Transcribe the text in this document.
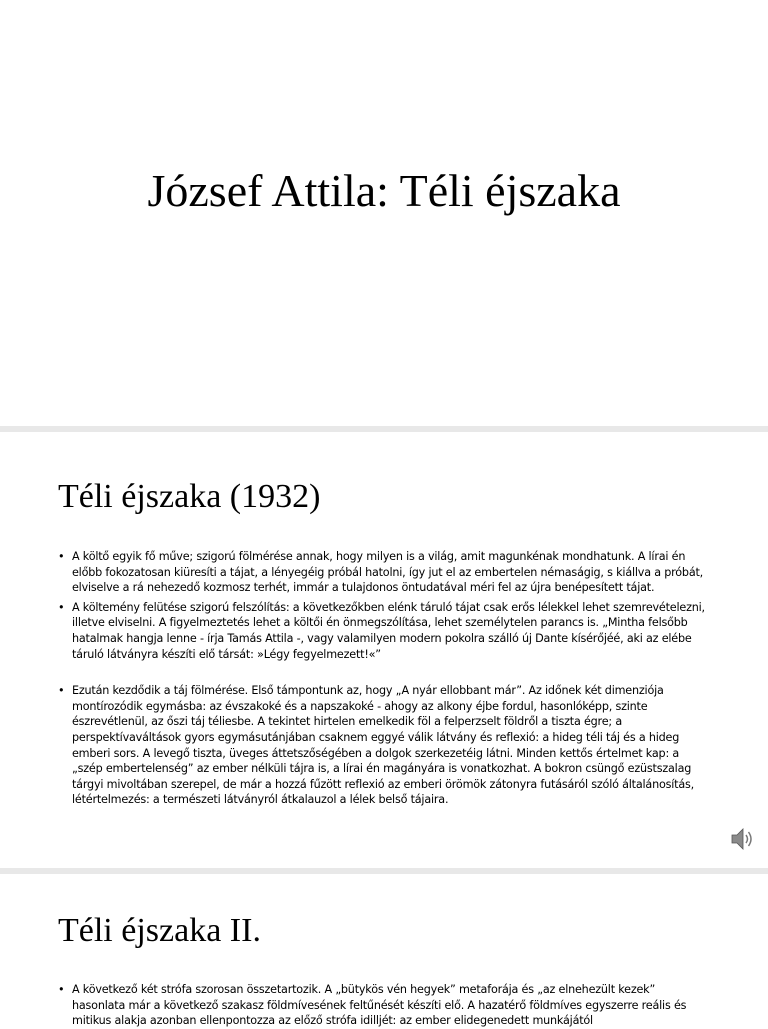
József Attila: Téli éjszaka
Téli éjszaka (1932)
• A költő egyik fő műve; szigorú fölmérése annak, hogy milyen is a világ, amit magunkénak mondhatunk. A lírai én előbb fokozatosan kiüresíti a tájat, a lényegéig próbál hatolni, így jut el az embertelen némaságig, s kiállva a próbát, elviselve a rá nehezedő kozmosz terhét, immár a tulajdonos öntudatával méri fel az újra benépesített tájat.
• A költemény felütése szigorú felszólítás: a következőkben elénk táruló tájat csak erős lélekkel lehet szemrevételezni, illetve elviselni. A figyelmeztetés lehet a költői én önmegszólítása, lehet személytelen parancs is. „Mintha felsőbb hatalmak hangja lenne - írja Tamás Attila -, vagy valamilyen modern pokolra szálló új Dante kísérőjéé, aki az elébe táruló látványra készíti elő társát: »Légy fegyelmezett!«”
• Ezután kezdődik a táj fölmérése. Első támpontunk az, hogy „A nyár ellobbant már”. Az időnek két dimenziója montírozódik egymásba: az évszakoké és a napszakoké - ahogy az alkony éjbe fordul, hasonlóképp, szinte észrevétlenül, az őszi táj téliesbe. A tekintet hirtelen emelkedik föl a felperzselt földről a tiszta égre; a perspektívaváltások gyors egymásutánjában csaknem eggyé válik látvány és reflexió: a hideg téli táj és a hideg emberi sors. A levegő tiszta, üveges áttetszőségében a dolgok szerkezetéig látni. Minden kettős értelmet kap: a „szép embertelenség” az ember nélküli tájra is, a lírai én magányára is vonatkozhat. A bokron csüngő ezüstszalag tárgyi mivoltában szerepel, de már a hozzá fűzött reflexió az emberi örömök zátonyra futásáról szóló általánosítás, létértelmezés: a természeti látványról átkalauzol a lélek belső tájaira.
Téli éjszaka II.
• A következő két strófa szorosan összetartozik. A „bütykös vén hegyek” metaforája és „az elnehezült kezek” hasonlata már a következő szakasz földmívesének feltűnését készíti elő. A hazatérő földmíves egyszerre reális és mitikus alakja azonban ellenpontozza az előző strófa idilljét: az ember elidegenedett munkájától
